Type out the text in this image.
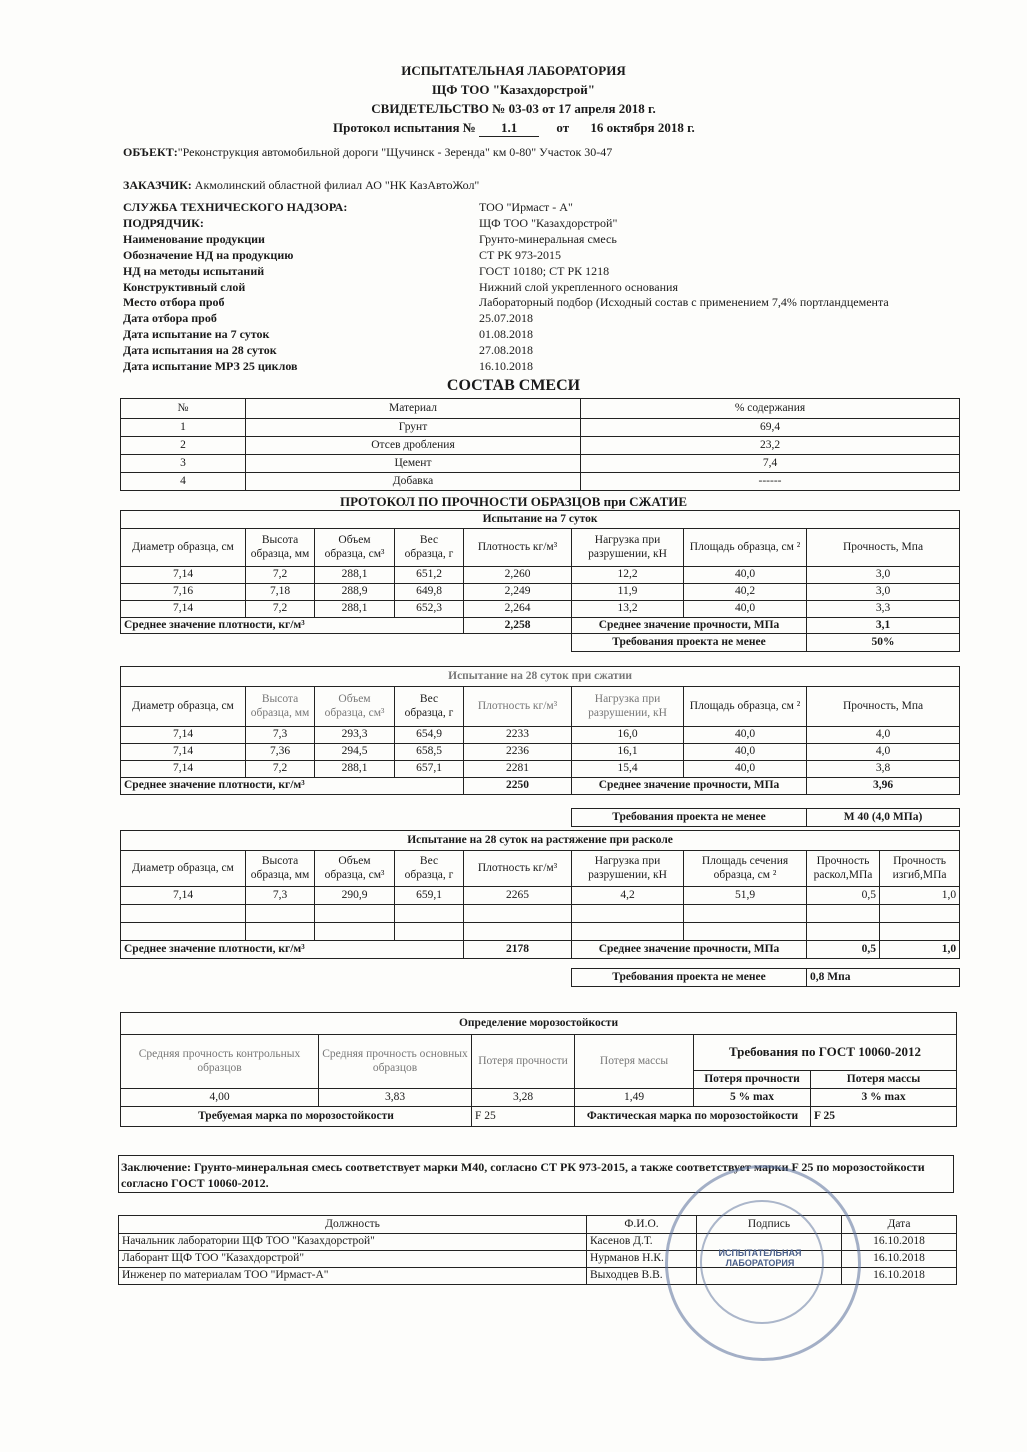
ИСПЫТАТЕЛЬНАЯ ЛАБОРАТОРИЯ
ЩФ ТОО "Казахдорстрой"
СВИДЕТЕЛЬСТВО № 03-03 от 17 апреля 2018 г.
Протокол испытания № 1.1	от 16 октября 2018 г.
ОБЪЕКТ:"Реконструкция автомобильной дороги "Щучинск - Зеренда" км 0-80" Участок 30-47
ЗАКАЗЧИК: Акмолинский областной филиал АО "НК КазАвтоЖол"
СЛУЖБА ТЕХНИЧЕСКОГО НАДЗОРА:	ТОО "Ирмаст - А"
ПОДРЯДЧИК:	ЩФ ТОО "Казахдорстрой"
Наименование продукции	Грунто-минеральная смесь
Обозначение НД на продукцию	СТ РК 973-2015
НД на методы испытаний	ГОСТ 10180; СТ РК 1218
Конструктивный слой	Нижний слой укрепленного основания
Место отбора проб	Лабораторный подбор (Исходный состав с применением 7,4% портландцемента
Дата отбора проб	25.07.2018
Дата испытание на 7 суток	01.08.2018
Дата испытания на 28 суток	27.08.2018
Дата испытание МРЗ 25 циклов	16.10.2018
СОСТАВ СМЕСИ
№	Материал	% содержания
1	Грунт	69,4
2	Отсев дробления	23,2
3	Цемент	7,4
4	Добавка	------
ПРОТОКОЛ ПО ПРОЧНОСТИ ОБРАЗЦОВ при СЖАТИЕ
Испытание на 7 суток							
Диаметр образца, см	Высота образца, мм	Объем образца, см³	Вес образца, г	Плотность кг/м³	Нагрузка при разрушении, кН	Площадь образца, см ²	Прочность, Мпа
7,14	7,2	288,1	651,2	2,260	12,2	40,0	3,0
7,16	7,18	288,9	649,8	2,249	11,9	40,2	3,0
7,14	7,2	288,1	652,3	2,264	13,2	40,0	3,3
Среднее значение плотности, кг/м³				2,258	Среднее значение прочности, МПа		3,1
					Требования проекта не менее		50%
Испытание на 28 суток при сжатии							
Диаметр образца, см	Высота образца, мм	Объем образца, см³	Вес образца, г	Плотность кг/м³	Нагрузка при разрушении, кН	Площадь образца, см ²	Прочность, Мпа
7,14	7,3	293,3	654,9	2233	16,0	40,0	4,0
7,14	7,36	294,5	658,5	2236	16,1	40,0	4,0
7,14	7,2	288,1	657,1	2281	15,4	40,0	3,8
Среднее значение плотности, кг/м³				2250	Среднее значение прочности, МПа		3,96

					Требования проекта не менее		M 40 (4,0 МПа)
Испытание на 28 суток на растяжение при расколе								
Диаметр образца, см	Высота образца, мм	Объем образца, см³	Вес образца, г	Плотность кг/м³	Нагрузка при разрушении, кН	Площадь сечения образца, см ²	Прочность раскол,МПа	Прочность изгиб,МПа
7,14	7,3	290,9	659,1	2265	4,2	51,9	0,5	1,0

Среднее значение плотности, кг/м³				2178	Среднее значение прочности, МПа		0,5	1,0

					Требования проекта не менее		0,8 Мпа	
Определение морозостойкости					
Средняя прочность контрольных образцов	Средняя прочность основных образцов	Потеря прочности	Потеря массы	Требования по ГОСТ 10060-2012	
				Потеря прочности	Потеря массы
4,00	3,83	3,28	1,49	5 % max	3 % max
Требуемая марка по морозостойкости		F 25	Фактическая марка по морозостойкости		F 25
Заключение: Грунто-минеральная смесь соответствует марки М40, согласно СТ РК 973-2015, а также соответствует марки F 25 по морозостойкости согласно ГОСТ 10060-2012.
Должность	Ф.И.О.	Подпись	Дата
Начальник лаборатории ЩФ ТОО "Казахдорстрой"	Касенов Д.Т.		16.10.2018
Лаборант ЩФ ТОО "Казахдорстрой"	Нурманов Н.К.		16.10.2018
Инженер по материалам ТОО "Ирмаст-А"	Выходцев В.В.		16.10.2018
ИСПЫТАТЕЛЬНАЯ ЛАБОРАТОРИЯ
